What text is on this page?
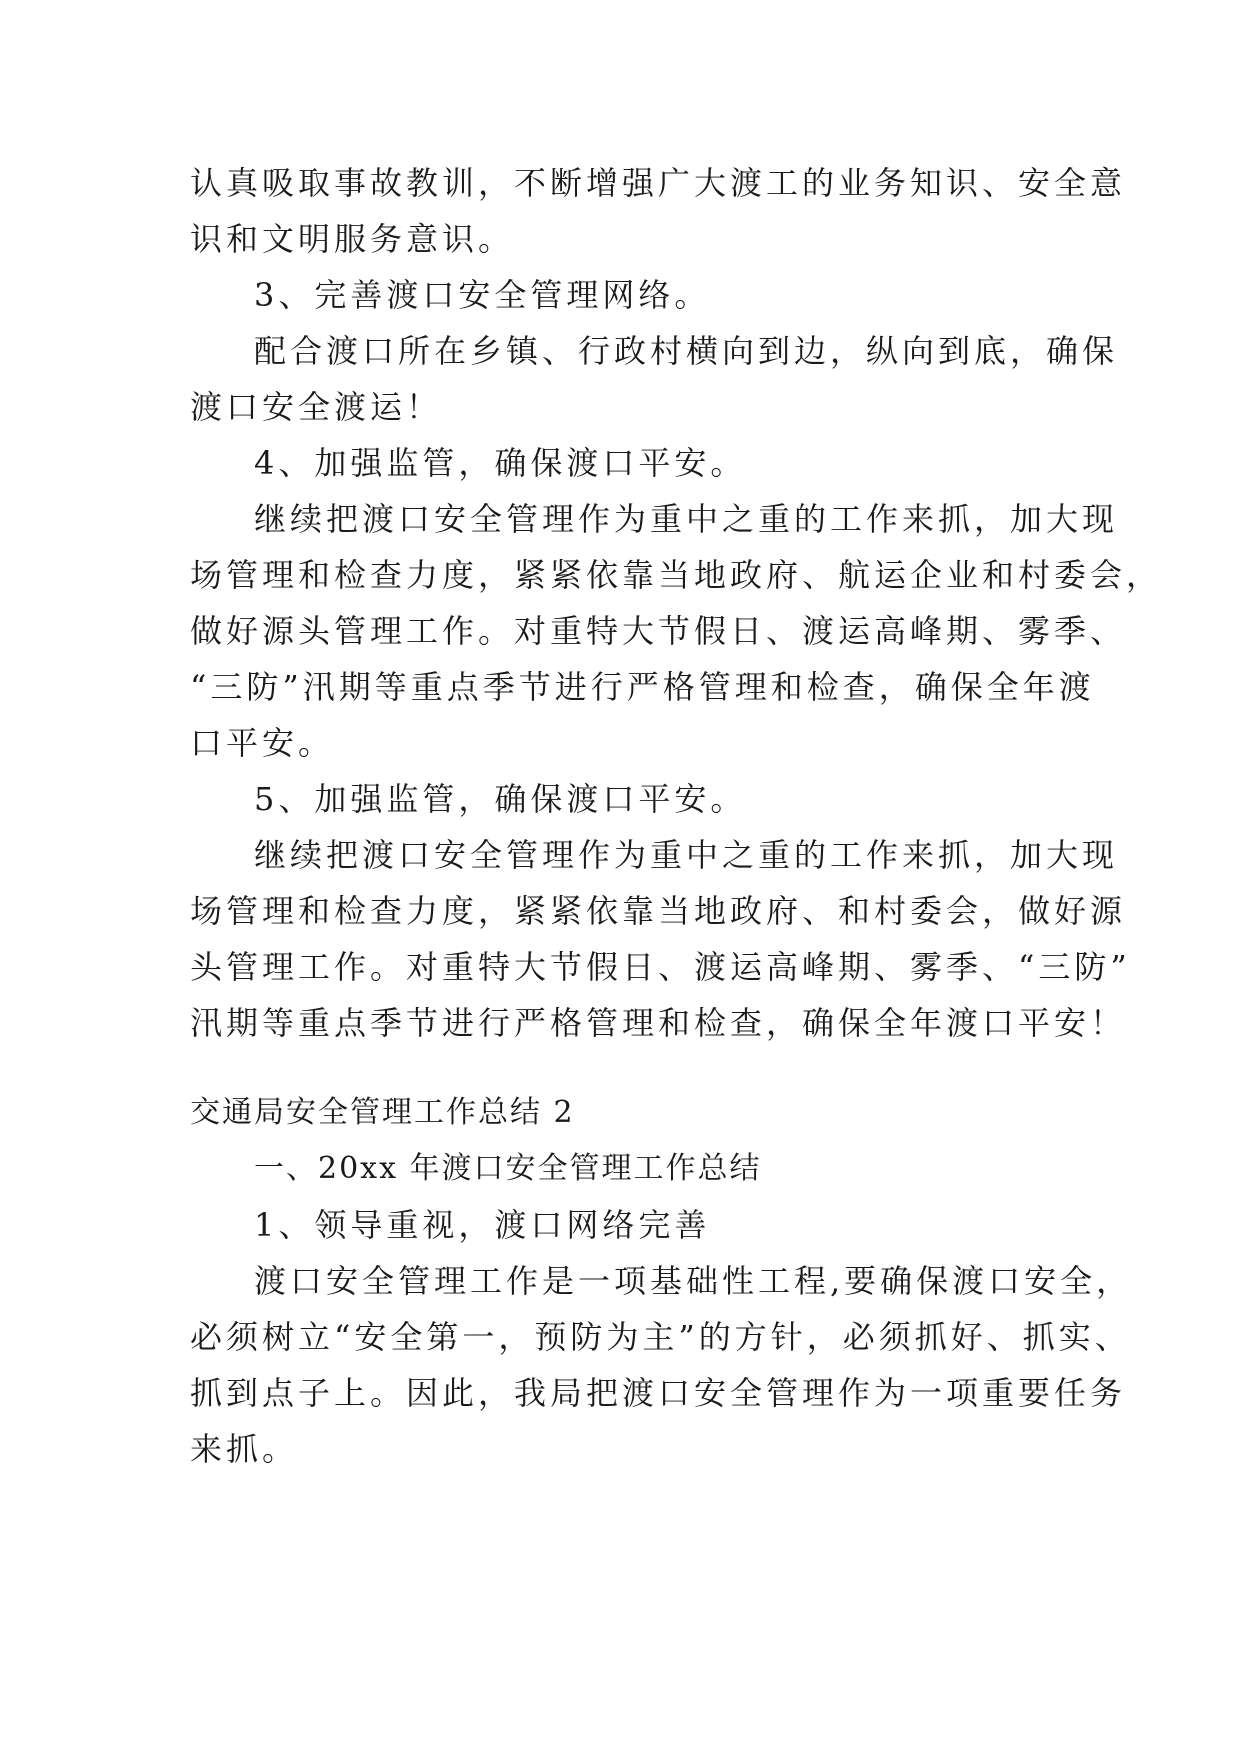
认真吸取事故教训，不断增强广大渡工的业务知识、安全意
识和文明服务意识。
3、完善渡口安全管理网络。
配合渡口所在乡镇、行政村横向到边，纵向到底，确保
渡口安全渡运！
4、加强监管，确保渡口平安。
继续把渡口安全管理作为重中之重的工作来抓，加大现
场管理和检查力度，紧紧依靠当地政府、航运企业和村委会，
做好源头管理工作。对重特大节假日、渡运高峰期、雾季、
“三防”汛期等重点季节进行严格管理和检查，确保全年渡
口平安。
5、加强监管，确保渡口平安。
继续把渡口安全管理作为重中之重的工作来抓，加大现
场管理和检查力度，紧紧依靠当地政府、和村委会，做好源
头管理工作。对重特大节假日、渡运高峰期、雾季、“三防”
汛期等重点季节进行严格管理和检查，确保全年渡口平安！
交通局安全管理工作总结 2
一、20xx 年渡口安全管理工作总结
1、领导重视，渡口网络完善
渡口安全管理工作是一项基础性工程,要确保渡口安全，
必须树立“安全第一，预防为主”的方针，必须抓好、抓实、
抓到点子上。因此，我局把渡口安全管理作为一项重要任务
来抓。
